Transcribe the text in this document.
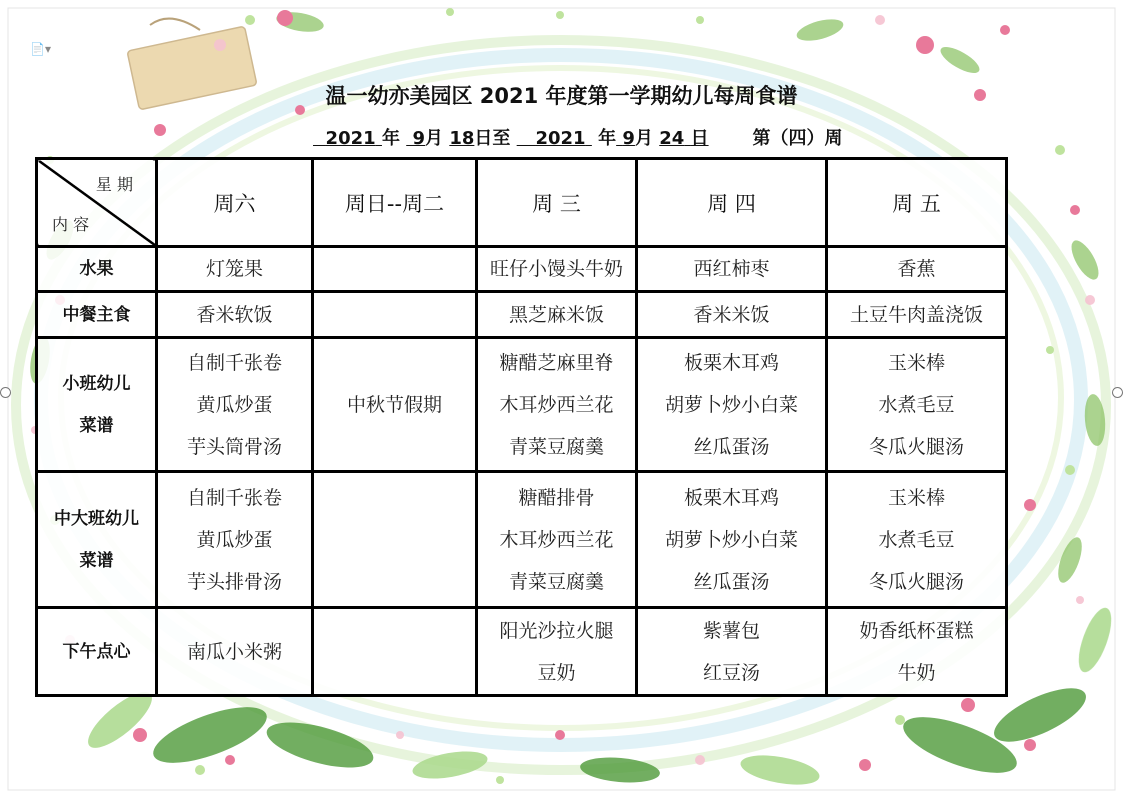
📄▾
温一幼亦美园区 2021 年度第一学期幼儿每周食谱
2021 年 9月 18日至 2021 年 9月 24 日 第（四）周
星 期
内 容	周六	周日--周二	周 三	周 四	周 五

水果	灯笼果		旺仔小馒头牛奶	西红柿枣	香蕉

中餐主食	香米软饭		黑芝麻米饭	香米米饭	土豆牛肉盖浇饭

小班幼儿
菜谱	自制千张卷
黄瓜炒蛋
芋头筒骨汤	中秋节假期	糖醋芝麻里脊
木耳炒西兰花
青菜豆腐羹	板栗木耳鸡
胡萝卜炒小白菜
丝瓜蛋汤	玉米棒
水煮毛豆
冬瓜火腿汤

中大班幼儿
菜谱	自制千张卷
黄瓜炒蛋
芋头排骨汤		糖醋排骨
木耳炒西兰花
青菜豆腐羹	板栗木耳鸡
胡萝卜炒小白菜
丝瓜蛋汤	玉米棒
水煮毛豆
冬瓜火腿汤

下午点心	南瓜小米粥		阳光沙拉火腿
豆奶	紫薯包
红豆汤	奶香纸杯蛋糕
牛奶
